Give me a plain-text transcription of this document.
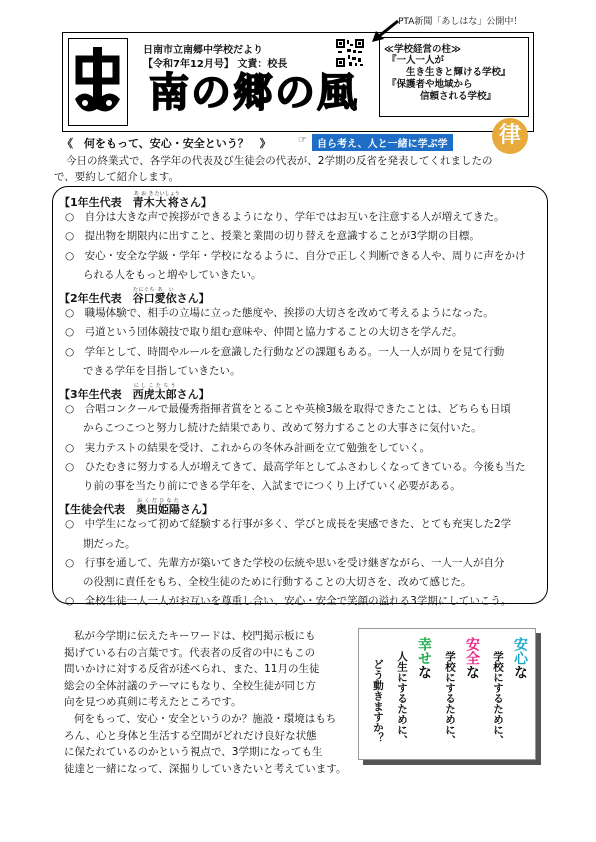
PTA新聞「あしはな」公開中！
日南市立南郷中学校だより
【令和7年12月号】 文責：校長
南の郷の風
≪学校経営の柱≫
『一人一人が
生き生きと輝ける学校』
『保護者や地域から
信頼される学校』
律
《　何をもって、安心・安全という？　》	☞	自ら考え、人と一緒に学ぶ学
今日の終業式で、各学年の代表及び生徒会の代表が、2学期の反省を発表してくれましたの
で、要約して紹介します。
【1年生代表　 青木あおき大将たいしょうさん】
○　自分は大きな声で挨拶ができるようになり、学年ではお互いを注意する人が増えてきた。
○　提出物を期限内に出すこと、授業と業間の切り替えを意識することが3学期の目標。
○　安心・安全な学級・学年・学校になるように、自分で正しく判断できる人や、周りに声をかけ
られる人をもっと増やしていきたい。
【2年生代表　 谷口たにぐち愛依あいさん】
○　職場体験で、相手の立場に立った態度や、挨拶の大切さを改めて考えるようになった。
○　弓道という団体競技で取り組む意味や、仲間と協力することの大切さを学んだ。
○　学年として、時間やルールを意識した行動などの課題もある。一人一人が周りを見て行動
できる学年を目指していきたい。
【3年生代表　 西虎にしこ太郎たろうさん】
○　合唱コンクールで最優秀指揮者賞をとることや英検3級を取得できたことは、どちらも日頃
からこつこつと努力し続けた結果であり、改めて努力することの大事さに気付いた。
○　実力テストの結果を受け、これからの冬休み計画を立て勉強をしていく。
○　ひたむきに努力する人が増えてきて、最高学年としてふさわしくなってきている。今後も当た
り前の事を当たり前にできる学年を、入試までにつくり上げていく必要がある。
【生徒会代表　 奥田おくだ姫陽ひなたさん】
○　中学生になって初めて経験する行事が多く、学びと成長を実感できた、とても充実した2学
期だった。
○　行事を通して、先輩方が築いてきた学校の伝統や思いを受け継ぎながら、一人一人が自分
の役割に責任をもち、全校生徒のために行動することの大切さを、改めて感じた。
○　全校生徒一人一人がお互いを尊重し合い、安心・安全で笑顔の溢れる3学期にしていこう。
私が今学期に伝えたキーワードは、校門掲示板にも
掲げている右の言葉です。代表者の反省の中にもこの
問いかけに対する反省が述べられ、また、11月の生徒
総会の全体討議のテーマにもなり、全校生徒が同じ方
向を見つめ真剣に考えたところです。
何をもって、安心・安全というのか？施設・環境はもち
ろん、心と身体と生活する空間がどれだけ良好な状態
に保たれているのかという視点で、3学期になっても生
徒達と一緒になって、深掘りしていきたいと考えています。
安心な
学校にするために、
安全な
学校にするために、
幸せな
人生にするために、
どう動きますか？
